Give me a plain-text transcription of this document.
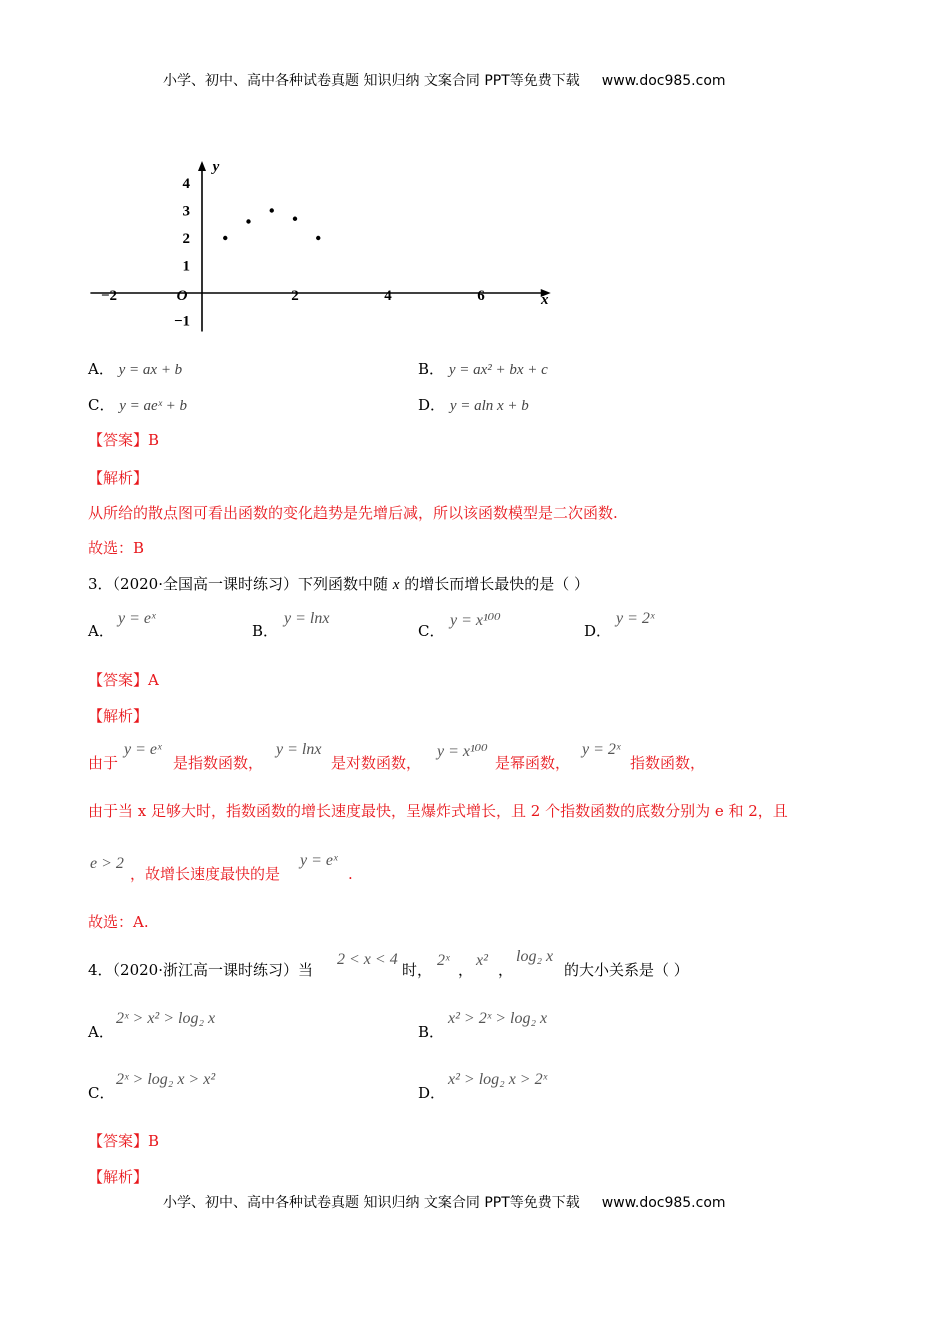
小学、初中、高中各种试卷真题 知识归纳 文案合同 PPT等免费下载 www.doc985.com
x
y
−2	O	2	4	6
−1
1
2
3
4
A． y = ax + b	B． y = ax² + bx + c
C． y = aeˣ + b	D． y = aln x + b
【答案】B
【解析】
从所给的散点图可看出函数的变化趋势是先增后减，所以该函数模型是二次函数.
故选：B
3．（2020·全国高一课时练习）下列函数中随 x 的增长而增长最快的是（ ）
A．
y = eˣ
B．
y = lnx
C．
y = x¹⁰⁰
D．
y = 2ˣ
【答案】A
【解析】
由于
y = eˣ
是指数函数，
y = lnx
是对数函数，
y = x¹⁰⁰
是幂函数，
y = 2ˣ
指数函数，
由于当 x 足够大时，指数函数的增长速度最快，呈爆炸式增长，且 2 个指数函数的底数分别为 e 和 2，且
e > 2
，故增长速度最快的是
y = eˣ
.
故选：A.
4．（2020·浙江高一课时练习）当
2 < x < 4
时，
2ˣ
，
x²
，
log₂ x
的大小关系是（ ）
A．
2ˣ > x² > log₂ x
B．
x² > 2ˣ > log₂ x
C．
2ˣ > log₂ x > x²
D．
x² > log₂ x > 2ˣ
【答案】B
【解析】
小学、初中、高中各种试卷真题 知识归纳 文案合同 PPT等免费下载 www.doc985.com
